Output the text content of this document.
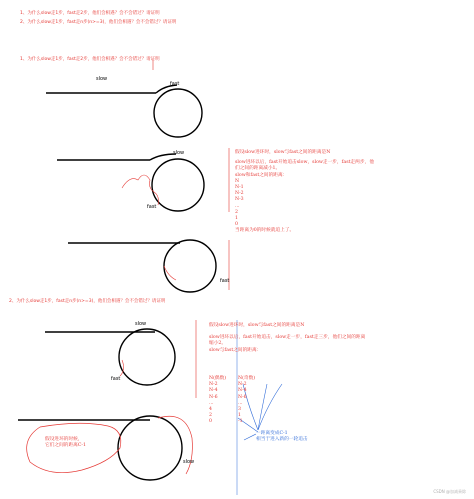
1、为什么slow走1步，fast走2步，他们会相遇？会不会错过？请证明
2、为什么slow走1步，fast走n步(n>=3)，他们会相遇？会不会错过？请证明
1、为什么slow走1步，fast走2步，他们会相遇？会不会错过？请证明
2、为什么slow走1步，fast走n步(n>=3)，他们会相遇？会不会错过？请证明
slow
fast
slow
fast
fast
slow
fast
slow
假设slow进环时，slow与fast之间的距离是N
slow进环以后，fast开始追击slow，slow走一步，fast走两步，他
们之间的距离减小1。
slow和fast之间的距离：
N
N-1
N-2
N-3
...
2
1
0
当距离为0的时候就追上了。
假设slow进环时，slow与fast之间的距离是N
slow进环以后，fast开始追击，slow走一步，fast走三步，他们之间的距离
缩小2。
slow与fast之间的距离：
N(偶数)
N-2
N-4
N-6
...
4
2
0
N(奇数)
N-2
N-4
N-6
...
3
1
-1
一距离变成C-1
相当于进入新的一轮追击
假设进环的时候，
它们之间的距离C-1
CSDN @加减乘除
